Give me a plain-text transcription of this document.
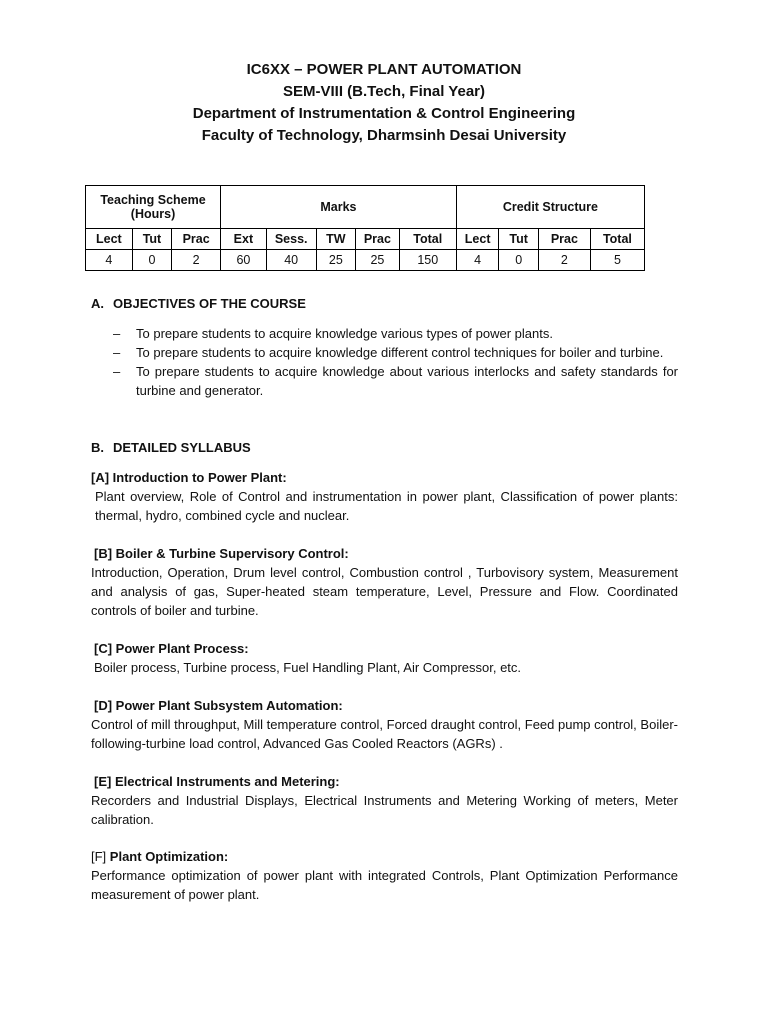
IC6XX – POWER PLANT AUTOMATION
SEM-VIII (B.Tech, Final Year)
Department of Instrumentation & Control Engineering
Faculty of Technology, Dharmsinh Desai University
Teaching Scheme (Hours)			Marks					Credit Structure			
Lect	Tut	Prac	Ext	Sess.	TW	Prac	Total	Lect	Tut	Prac	Total
4	0	2	60	40	25	25	150	4	0	2	5
A. OBJECTIVES OF THE COURSE
– To prepare students to acquire knowledge various types of power plants.
– To prepare students to acquire knowledge different control techniques for boiler and turbine.
– To prepare students to acquire knowledge about various interlocks and safety standards for turbine and generator.
B. DETAILED SYLLABUS
[A] Introduction to Power Plant:
Plant overview, Role of Control and instrumentation in power plant, Classification of power plants: thermal, hydro, combined cycle and nuclear.
[B] Boiler & Turbine Supervisory Control:
Introduction, Operation, Drum level control, Combustion control , Turbovisory system, Measurement and analysis of gas, Super-heated steam temperature, Level, Pressure and Flow. Coordinated controls of boiler and turbine.
[C] Power Plant Process:
Boiler process, Turbine process, Fuel Handling Plant, Air Compressor, etc.
[D] Power Plant Subsystem Automation:
Control of mill throughput, Mill temperature control, Forced draught control, Feed pump control, Boiler-following-turbine load control, Advanced Gas Cooled Reactors (AGRs) .
[E] Electrical Instruments and Metering:
Recorders and Industrial Displays, Electrical Instruments and Metering Working of meters, Meter calibration.
[F] Plant Optimization:
Performance optimization of power plant with integrated Controls, Plant Optimization Performance measurement of power plant.
